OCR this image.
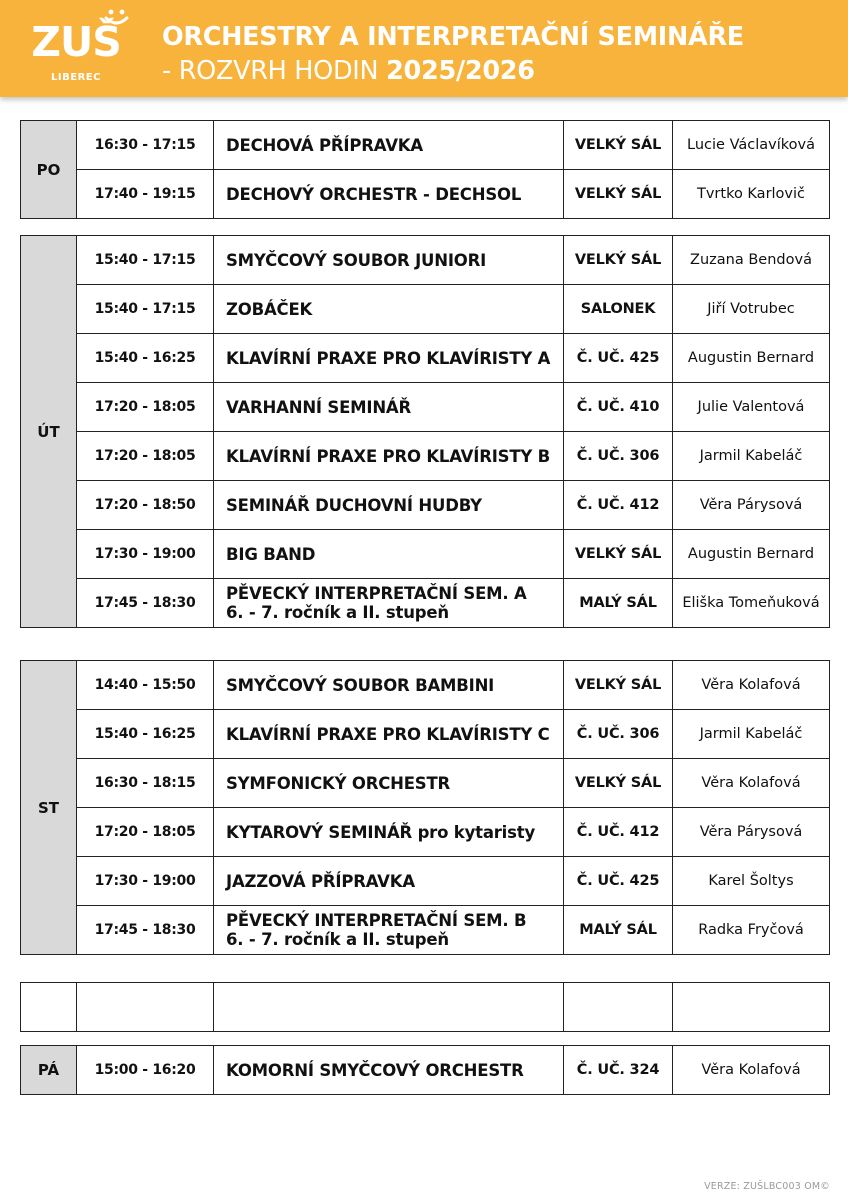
ZUŠ
LIBEREC
ORCHESTRY A INTERPRETAČNÍ SEMINÁŘE
- ROZVRH HODIN 2025/2026
PO	16:30 - 17:15	DECHOVÁ PŘÍPRAVKA	VELKÝ SÁL	Lucie Václavíková
	17:40 - 19:15	DECHOVÝ ORCHESTR - DECHSOL	VELKÝ SÁL	Tvrtko Karlovič
ÚT	15:40 - 17:15	SMYČCOVÝ SOUBOR JUNIORI	VELKÝ SÁL	Zuzana Bendová
	15:40 - 17:15	ZOBÁČEK	SALONEK	Jiří Votrubec
	15:40 - 16:25	KLAVÍRNÍ PRAXE PRO KLAVÍRISTY A	Č. UČ. 425	Augustin Bernard
	17:20 - 18:05	VARHANNÍ SEMINÁŘ	Č. UČ. 410	Julie Valentová
	17:20 - 18:05	KLAVÍRNÍ PRAXE PRO KLAVÍRISTY B	Č. UČ. 306	Jarmil Kabeláč
	17:20 - 18:50	SEMINÁŘ DUCHOVNÍ HUDBY	Č. UČ. 412	Věra Párysová
	17:30 - 19:00	BIG BAND	VELKÝ SÁL	Augustin Bernard
	17:45 - 18:30	PĚVECKÝ INTERPRETAČNÍ SEM. A
6. - 7. ročník a II. stupeň	MALÝ SÁL	Eliška Tomeňuková
ST	14:40 - 15:50	SMYČCOVÝ SOUBOR BAMBINI	VELKÝ SÁL	Věra Kolafová
	15:40 - 16:25	KLAVÍRNÍ PRAXE PRO KLAVÍRISTY C	Č. UČ. 306	Jarmil Kabeláč
	16:30 - 18:15	SYMFONICKÝ ORCHESTR	VELKÝ SÁL	Věra Kolafová
	17:20 - 18:05	KYTAROVÝ SEMINÁŘ pro kytaristy	Č. UČ. 412	Věra Párysová
	17:30 - 19:00	JAZZOVÁ PŘÍPRAVKA	Č. UČ. 425	Karel Šoltys
	17:45 - 18:30	PĚVECKÝ INTERPRETAČNÍ SEM. B
6. - 7. ročník a II. stupeň	MALÝ SÁL	Radka Fryčová

PÁ	15:00 - 16:20	KOMORNÍ SMYČCOVÝ ORCHESTR	Č. UČ. 324	Věra Kolafová
VERZE: ZUŠLBC003 OM©
